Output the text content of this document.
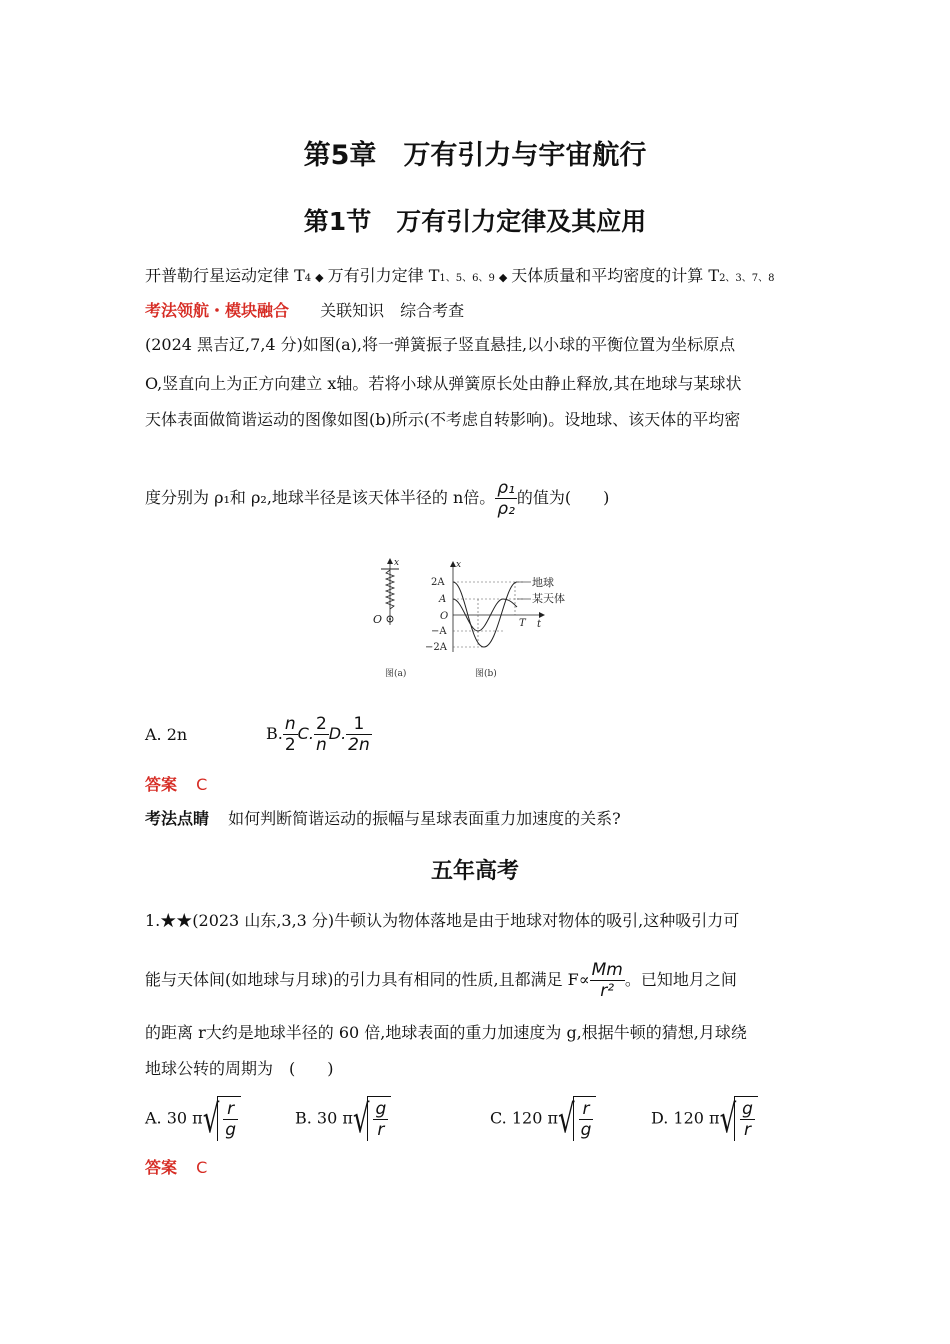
第5章　万有引力与宇宙航行
第1节　万有引力定律及其应用
开普勒行星运动定律 T4 ◆ 万有引力定律 T1、5、6、9 ◆ 天体质量和平均密度的计算 T2、3、7、8
考法领航・模块融合 关联知识　综合考查
(2024 黑吉辽,7,4 分)如图(a),将一弹簧振子竖直悬挂,以小球的平衡位置为坐标原点
O,竖直向上为正方向建立 x轴。若将小球从弹簧原长处由静止释放,其在地球与某球状
天体表面做简谐运动的图像如图(b)所示(不考虑自转影响)。设地球、该天体的平均密
度分别为 ρ₁和 ρ₂,地球半径是该天体半径的 n倍。 $\frac{\text{ρ₁}}{\text{ρ₂}}$ 的值为(　　)
x
O
图(a)
x
t
2A
A
O
−A
−2A
T
地球
某天体
图(b)
A. 2n	B. $\frac{n}{2} C$. $\frac{2}{n} D$. $\frac{1}{2n}$
答案 C
考法点睛 如何判断简谐运动的振幅与星球表面重力加速度的关系?
五年高考
1.★★(2023 山东,3,3 分)牛顿认为物体落地是由于地球对物体的吸引,这种吸引力可
能与天体间(如地球与月球)的引力具有相同的性质,且都满足 $F\propto \frac{Mm}{\text{r²}}$ 。已知地月之间
的距离 r大约是地球半径的 60 倍,地球表面的重力加速度为 g,根据牛顿的猜想,月球绕
地球公转的周期为　(　　)
A. 30 $\pi√ \frac{r}{g}$	B. 30 $\pi√ \frac{g}{r}$	C. 120 $\pi√ \frac{r}{g}$	D. 120 $\pi√ \frac{g}{r}$
答案 C
